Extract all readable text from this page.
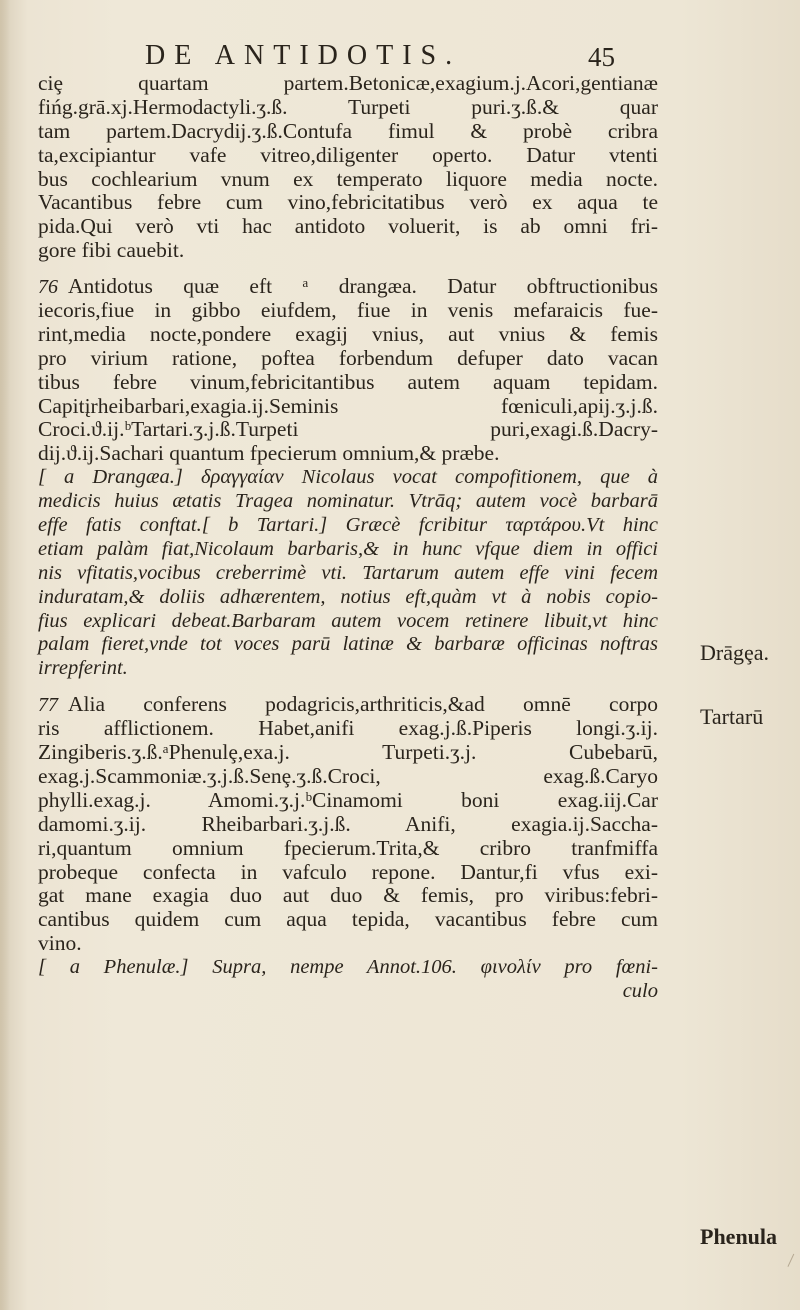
DE ANTIDOTIS.	45
ciȩ quartam partem.Betonicæ,exagium.j.Acori,gentianæ
fińg.grā.xj.Hermodactyli.ʒ.ß. Turpeti puri.ʒ.ß.& quar
tam partem.Dacrydij.ʒ.ß.Contufa fimul & probè cribra
ta,excipiantur vafe vitreo,diligenter operto. Datur vtenti
bus cochlearium vnum ex temperato liquore media nocte.
Vacantibus febre cum vino,febricitatibus verò ex aqua te
pida.Qui verò vti hac antidoto voluerit, is ab omni fri-
gore fibi cauebit.
76 Antidotus quæ eft ᵃ drangæa. Datur obftructionibus
iecoris,fiue in gibbo eiufdem, fiue in venis mefaraicis fue-
rint,media nocte,pondere exagij vnius, aut vnius & femis
pro virium ratione, poftea forbendum defuper dato vacan
tibus febre vinum,febricitantibus autem aquam tepidam.
Capitįrheibarbari,exagia.ij.Seminis fœniculi,apij.ʒ.j.ß.
Croci.ϑ.ij.ᵇTartari.ʒ.j.ß.Turpeti puri,exagi.ß.Dacry-
dij.ϑ.ij.Sachari quantum fpecierum omnium,& præbe.
[ a Drangæa.] δραγγαίαν Nicolaus vocat compofitionem, que à
medicis huius ætatis Tragea nominatur. Vtrāq; autem vocè barbarā
effe fatis conftat.[ b Tartari.] Græcè fcribitur ταρτάρου.Vt hinc
etiam palàm fiat,Nicolaum barbaris,& in hunc vfque diem in offici
nis vfitatis,vocibus creberrimè vti. Tartarum autem effe vini fecem
induratam,& doliis adhærentem, notius eft,quàm vt à nobis copio-
fius explicari debeat.Barbaram autem vocem retinere libuit,vt hinc
palam fieret,vnde tot voces parū latinæ & barbaræ officinas noftras
irrepferint.
77 Alia conferens podagricis,arthriticis,&ad omnē corpo
ris afflictionem. Habet,anifi exag.j.ß.Piperis longi.ʒ.ij.
Zingiberis.ʒ.ß.ᵃPhenulȩ,exa.j. Turpeti.ʒ.j. Cubebarū,
exag.j.Scammoniæ.ʒ.j.ß.Senȩ.ʒ.ß.Croci, exag.ß.Caryo
phylli.exag.j. Amomi.ʒ.j.ᵇCinamomi boni exag.iij.Car
damomi.ʒ.ij. Rheibarbari.ʒ.j.ß. Anifi, exagia.ij.Saccha-
ri,quantum omnium fpecierum.Trita,& cribro tranfmiffa
probeque confecta in vafculo repone. Dantur,fi vfus exi-
gat mane exagia duo aut duo & femis, pro viribus:febri-
cantibus quidem cum aqua tepida, vacantibus febre cum
vino.
[ a Phenulæ.] Supra, nempe Annot.106. φινολίν pro fœni-
culo
Drāgȩa.
Tartarū
Phenula
